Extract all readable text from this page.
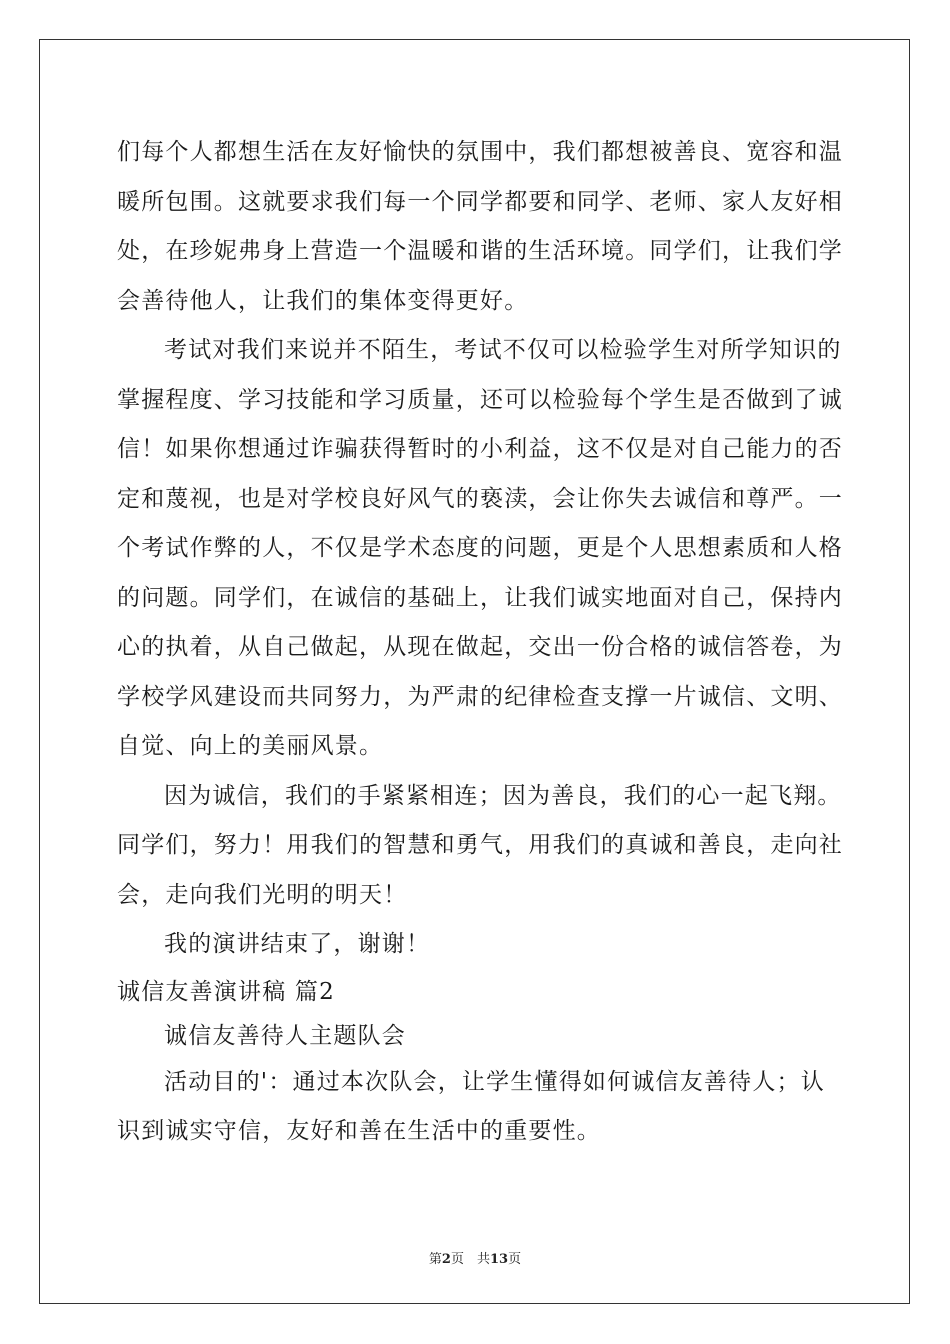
们每个人都想生活在友好愉快的氛围中，我们都想被善良、宽容和温
暖所包围。这就要求我们每一个同学都要和同学、老师、家人友好相
处，在珍妮弗身上营造一个温暖和谐的生活环境。同学们，让我们学
会善待他人，让我们的集体变得更好。
考试对我们来说并不陌生，考试不仅可以检验学生对所学知识的
掌握程度、学习技能和学习质量，还可以检验每个学生是否做到了诚
信！如果你想通过诈骗获得暂时的小利益，这不仅是对自己能力的否
定和蔑视，也是对学校良好风气的亵渎，会让你失去诚信和尊严。一
个考试作弊的人，不仅是学术态度的问题，更是个人思想素质和人格
的问题。同学们，在诚信的基础上，让我们诚实地面对自己，保持内
心的执着，从自己做起，从现在做起，交出一份合格的诚信答卷，为
学校学风建设而共同努力，为严肃的纪律检查支撑一片诚信、文明、
自觉、向上的美丽风景。
因为诚信，我们的手紧紧相连；因为善良，我们的心一起飞翔。
同学们，努力！用我们的智慧和勇气，用我们的真诚和善良，走向社
会，走向我们光明的明天！
我的演讲结束了，谢谢！
诚信友善演讲稿 篇2
诚信友善待人主题队会
活动目的'：通过本次队会，让学生懂得如何诚信友善待人；认
识到诚实守信，友好和善在生活中的重要性。
第2页　共13页
